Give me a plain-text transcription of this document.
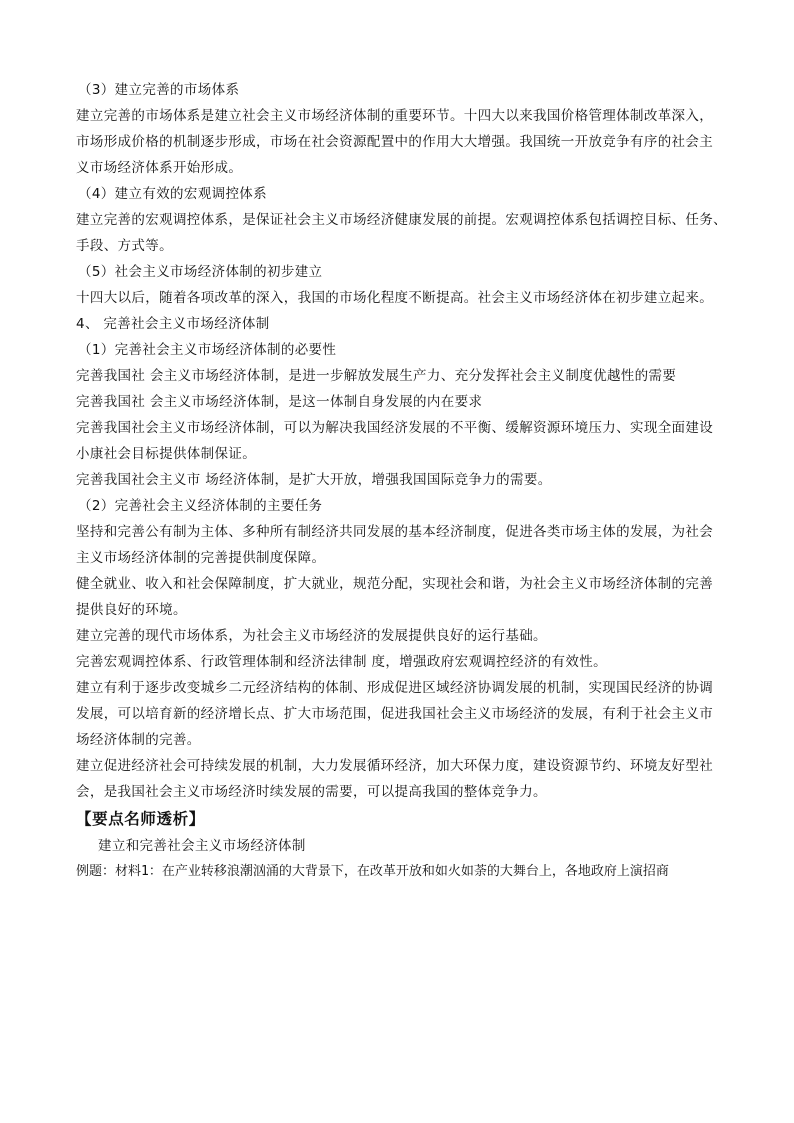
（3）建立完善的市场体系
建立完善的市场体系是建立社会主义市场经济体制的重要环节。十四大以来我国价格管理体制改革深入，
市场形成价格的机制逐步形成，市场在社会资源配置中的作用大大增强。我国统一开放竞争有序的社会主
义市场经济体系开始形成。
（4）建立有效的宏观调控体系
建立完善的宏观调控体系，是保证社会主义市场经济健康发展的前提。宏观调控体系包括调控目标、任务、
手段、方式等。
（5）社会主义市场经济体制的初步建立
十四大以后，随着各项改革的深入，我国的市场化程度不断提高。社会主义市场经济体在初步建立起来。
4、 完善社会主义市场经济体制
（1）完善社会主义市场经济体制的必要性
完善我国社 会主义市场经济体制，是进一步解放发展生产力、充分发挥社会主义制度优越性的需要
完善我国社 会主义市场经济体制，是这一体制自身发展的内在要求
完善我国社会主义市场经济体制，可以为解决我国经济发展的不平衡、缓解资源环境压力、实现全面建设
小康社会目标提供体制保证。
完善我国社会主义市 场经济体制，是扩大开放，增强我国国际竞争力的需要。
（2）完善社会主义经济体制的主要任务
坚持和完善公有制为主体、多种所有制经济共同发展的基本经济制度，促进各类市场主体的发展，为社会
主义市场经济体制的完善提供制度保障。
健全就业、收入和社会保障制度，扩大就业，规范分配，实现社会和谐，为社会主义市场经济体制的完善
提供良好的环境。
建立完善的现代市场体系，为社会主义市场经济的发展提供良好的运行基础。
完善宏观调控体系、行政管理体制和经济法律制 度，增强政府宏观调控经济的有效性。
建立有利于逐步改变城乡二元经济结构的体制、形成促进区域经济协调发展的机制，实现国民经济的协调
发展，可以培育新的经济增长点、扩大市场范围，促进我国社会主义市场经济的发展，有利于社会主义市
场经济体制的完善。
建立促进经济社会可持续发展的机制，大力发展循环经济，加大环保力度，建设资源节约、环境友好型社
会，是我国社会主义市场经济时续发展的需要，可以提高我国的整体竞争力。
【要点名师透析】
建立和完善社会主义市场经济体制
例题：材料1：在产业转移浪潮汹涌的大背景下，在改革开放和如火如荼的大舞台上，各地政府上演招商
